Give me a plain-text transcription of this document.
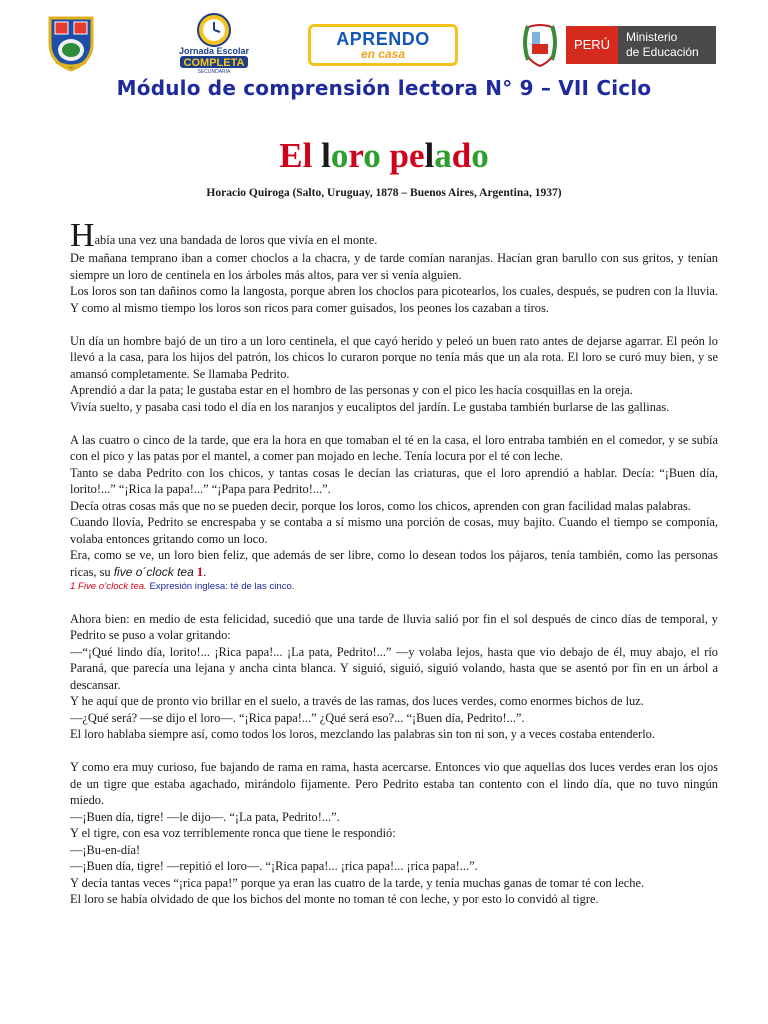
Jornada Escolar
COMPLETA
SECUNDARIA
APRENDO
en casa
PERÚ	Ministerio
de Educación
Módulo de comprensión lectora N° 9 – VII Ciclo
El loro pelado

Horacio Quiroga (Salto, Uruguay, 1878 – Buenos Aires, Argentina, 1937)

Había una vez una bandada de loros que vivía en el monte.

De mañana temprano iban a comer choclos a la chacra, y de tarde comían naranjas. Hacían gran barullo con sus gritos, y tenían siempre un loro de centinela en los árboles más altos, para ver si venía alguien.

Los loros son tan dañinos como la langosta, porque abren los choclos para picotearlos, los cuales, después, se pudren con la lluvia. Y como al mismo tiempo los loros son ricos para comer guisados, los peones los cazaban a tiros.

Un día un hombre bajó de un tiro a un loro centinela, el que cayó herido y peleó un buen rato antes de dejarse agarrar. El peón lo llevó a la casa, para los hijos del patrón, los chicos lo curaron porque no tenía más que un ala rota. El loro se curó muy bien, y se amansó completamente. Se llamaba Pedrito.

Aprendió a dar la pata; le gustaba estar en el hombro de las personas y con el pico les hacía cosquillas en la oreja.

Vivía suelto, y pasaba casi todo el día en los naranjos y eucaliptos del jardín. Le gustaba también burlarse de las gallinas.

A las cuatro o cinco de la tarde, que era la hora en que tomaban el té en la casa, el loro entraba también en el comedor, y se subía con el pico y las patas por el mantel, a comer pan mojado en leche. Tenía locura por el té con leche.

Tanto se daba Pedrito con los chicos, y tantas cosas le decían las criaturas, que el loro aprendió a hablar. Decía: “¡Buen día, lorito!...” “¡Rica la papa!...” “¡Papa para Pedrito!...”.

Decía otras cosas más que no se pueden decir, porque los loros, como los chicos, aprenden con gran facilidad malas palabras.

Cuando llovía, Pedrito se encrespaba y se contaba a sí mismo una porción de cosas, muy bajito. Cuando el tiempo se componía, volaba entonces gritando como un loco.

Era, como se ve, un loro bien feliz, que además de ser libre, como lo desean todos los pájaros, tenía también, como las personas ricas, su five o´clock tea 1.

1 Five o’clock tea. Expresión inglesa: té de las cinco.

Ahora bien: en medio de esta felicidad, sucedió que una tarde de lluvia salió por fin el sol después de cinco días de temporal, y Pedrito se puso a volar gritando:

—“¡Qué lindo día, lorito!... ¡Rica papa!... ¡La pata, Pedrito!...” —y volaba lejos, hasta que vio debajo de él, muy abajo, el río Paraná, que parecía una lejana y ancha cinta blanca. Y siguió, siguió, siguió volando, hasta que se asentó por fin en un árbol a descansar.

Y he aquí que de pronto vio brillar en el suelo, a través de las ramas, dos luces verdes, como enormes bichos de luz.

—¿Qué será? —se dijo el loro—. “¡Rica papa!...” ¿Qué será eso?... “¡Buen día, Pedrito!...”.

El loro hablaba siempre así, como todos los loros, mezclando las palabras sin ton ni son, y a veces costaba entenderlo.

Y como era muy curioso, fue bajando de rama en rama, hasta acercarse. Entonces vio que aquellas dos luces verdes eran los ojos de un tigre que estaba agachado, mirándolo fijamente. Pero Pedrito estaba tan contento con el lindo día, que no tuvo ningún miedo.

—¡Buen día, tigre! —le dijo—. “¡La pata, Pedrito!...”.

Y el tigre, con esa voz terriblemente ronca que tiene le respondió:

—¡Bu-en-día!

—¡Buen día, tigre! —repitió el loro—. “¡Rica papa!... ¡rica papa!... ¡rica papa!...”.

Y decía tantas veces “¡rica papa!” porque ya eran las cuatro de la tarde, y tenía muchas ganas de tomar té con leche.

El loro se había olvidado de que los bichos del monte no toman té con leche, y por esto lo convidó al tigre.
